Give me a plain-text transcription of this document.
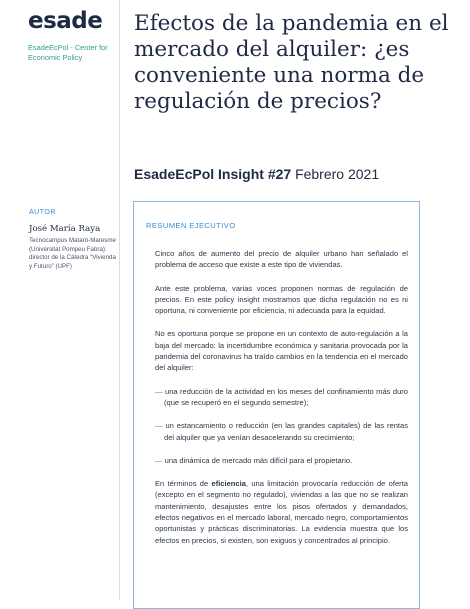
esade
EsadeEcPol - Center for Economic Policy
Efectos de la pandemia en el mercado del alquiler: ¿es conveniente una norma de regulación de precios?
EsadeEcPol Insight #27 Febrero 2021
AUTOR
José María Raya
Tecnocampus Mataró-Maresme (Universitat Pompeu Fabra): director de la Cátedra “Vivienda y Futuro” (UPF)
RESUMEN EJECUTIVO

Cinco años de aumento del precio de alquiler urbano han señalado el problema de acceso que existe a este tipo de viviendas.

Ante este problema, varias voces proponen normas de regulación de precios. En este policy insight mostramos que dicha regulación no es ni oportuna, ni conveniente por eficiencia, ni adecuada para la equidad.

No es oportuna porque se propone en un contexto de auto-regulación a la baja del mercado: la incertidumbre económica y sanitaria provocada por la pandemia del coronavirus ha traído cambios en la tendencia en el mercado del alquiler:

— una reducción de la actividad en los meses del confinamiento más duro (que se recuperó en el segundo semestre);

— un estancamiento o reducción (en las grandes capitales) de las rentas del alquiler que ya venían desacelerando su crecimiento;

— una dinámica de mercado más difícil para el propietario.

En términos de eficiencia, una limitación provocaría reducción de oferta (excepto en el segmento no regulado), viviendas a las que no se realizan mantenimiento, desajustes entre los pisos ofertados y demandados, efectos negativos en el mercado laboral, mercado negro, comportamientos oportunistas y prácticas discriminatorias. La evidencia muestra que los efectos en precios, si existen, son exiguos y concentrados al principio.
